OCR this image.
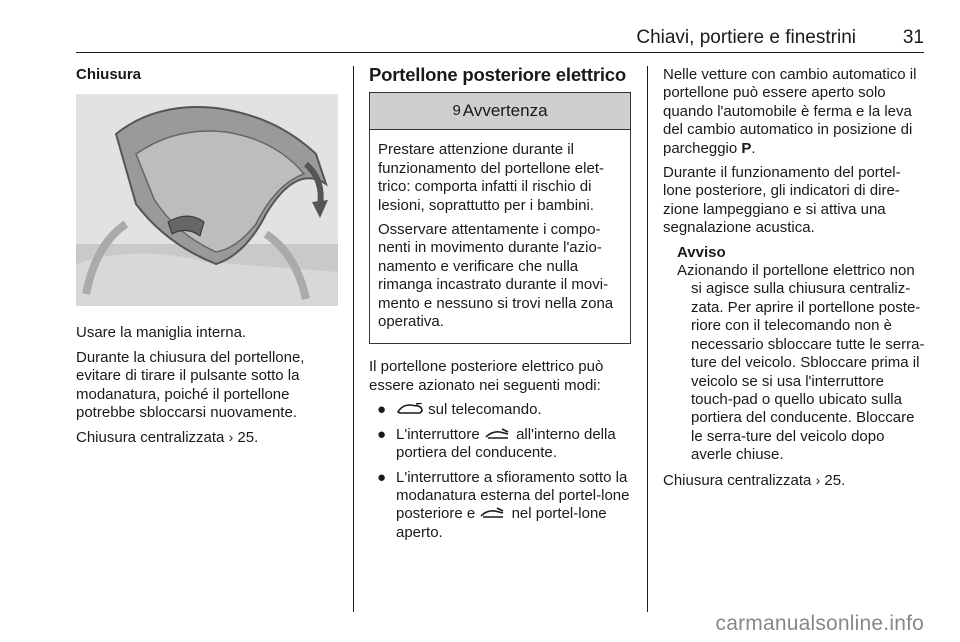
Chiavi, portiere e finestrini 31
Chiusura

Usare la maniglia interna.

Durante la chiusura del portellone, evitare di tirare il pulsante sotto la modanatura, poiché il portellone potrebbe sbloccarsi nuovamente.

Chiusura centralizzata › 25.

Portellone posteriore elettrico
9 Avvertenza

Prestare attenzione durante il funzionamento del portellone elet-trico: comporta infatti il rischio di lesioni, soprattutto per i bambini.

Osservare attentamente i compo-nenti in movimento durante l'azio-namento e verificare che nulla rimanga incastrato durante il movi-mento e nessuno si trovi nella zona operativa.

Il portellone posteriore elettrico può essere azionato nei seguenti modi:

●	sul telecomando.
● L'interruttore all'interno della portiera del conducente.
● L'interruttore a sfioramento sotto la modanatura esterna del portel-lone posteriore e nel portel-lone aperto.

Nelle vetture con cambio automatico il portellone può essere aperto solo quando l'automobile è ferma e la leva del cambio automatico in posizione di parcheggio P.

Durante il funzionamento del portel-lone posteriore, gli indicatori di dire-zione lampeggiano e si attiva una segnalazione acustica.

Avviso
Azionando il portellone elettrico non si agisce sulla chiusura centraliz-zata. Per aprire il portellone poste-riore con il telecomando non è necessario sbloccare tutte le serra-ture del veicolo. Sbloccare prima il veicolo se si usa l'interruttore touch-pad o quello ubicato sulla portiera del conducente. Bloccare le serra-ture del veicolo dopo averle chiuse.

Chiusura centralizzata › 25.

carmanualsonline.info
